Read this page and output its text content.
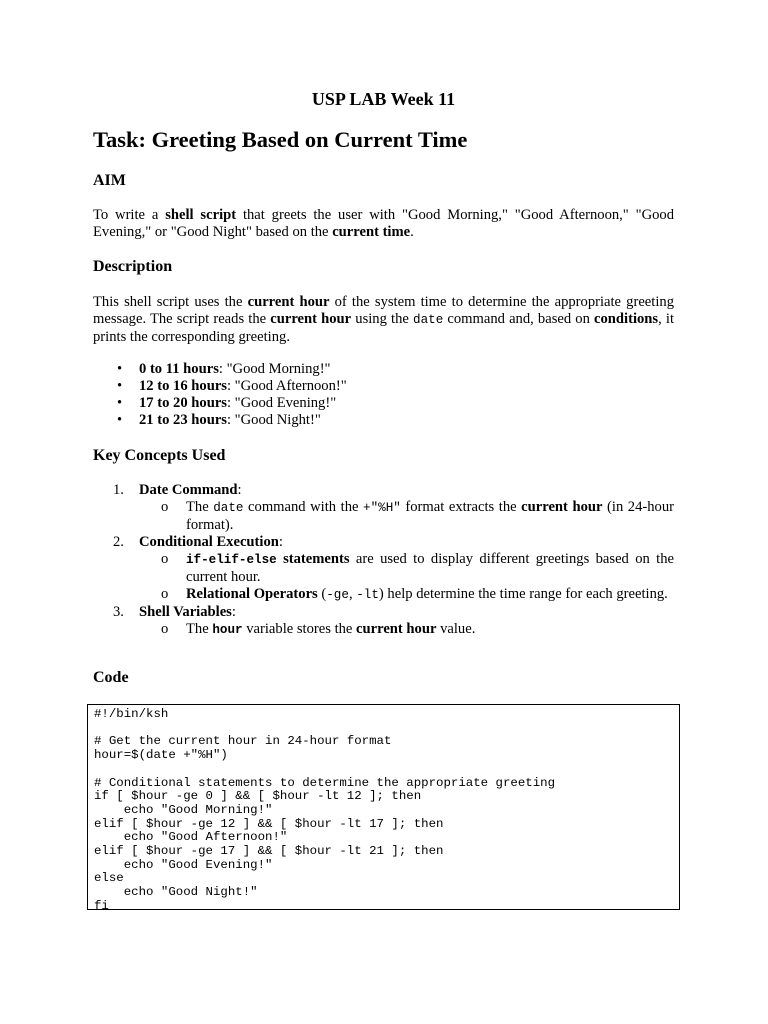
USP LAB Week 11
Task: Greeting Based on Current Time
AIM

To write a shell script that greets the user with "Good Morning," "Good Afternoon," "Good Evening," or "Good Night" based on the current time.

Description

This shell script uses the current hour of the system time to determine the appropriate greeting message. The script reads the current hour using the date command and, based on conditions, it prints the corresponding greeting.

• 0 to 11 hours: "Good Morning!"
• 12 to 16 hours: "Good Afternoon!"
• 17 to 20 hours: "Good Evening!"
• 21 to 23 hours: "Good Night!"
Key Concepts Used
1. Date Command:
o The date command with the +"%H" format extracts the current hour (in 24-hour format).
2. Conditional Execution:
o if-elif-else statements are used to display different greetings based on the current hour.
o Relational Operators (-ge, -lt) help determine the time range for each greeting.
3. Shell Variables:
o The hour variable stores the current hour value.
Code
#!/bin/ksh

# Get the current hour in 24-hour format
hour=$(date +"%H")

# Conditional statements to determine the appropriate greeting
if [ $hour -ge 0 ] && [ $hour -lt 12 ]; then
echo "Good Morning!"
elif [ $hour -ge 12 ] && [ $hour -lt 17 ]; then
echo "Good Afternoon!"
elif [ $hour -ge 17 ] && [ $hour -lt 21 ]; then
echo "Good Evening!"
else
echo "Good Night!"
fi
